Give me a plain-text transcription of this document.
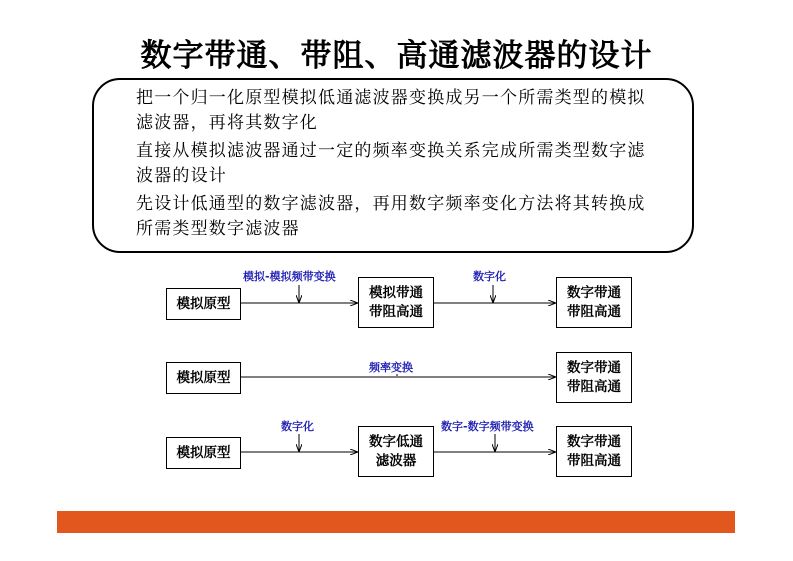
数字带通、带阻、高通滤波器的设计
把一个归一化原型模拟低通滤波器变换成另一个所需类型的模拟滤波器，再将其数字化
直接从模拟滤波器通过一定的频率变换关系完成所需类型数字滤波器的设计
先设计低通型的数字滤波器，再用数字频率变化方法将其转换成所需类型数字滤波器
模拟原型
模拟-模拟频带变换
模拟带通
带阻高通
数字化
数字带通
带阻高通
模拟原型
频率变换	数字带通
带阻高通
模拟原型
数字化
数字低通
滤波器
数字-数字频带变换
数字带通
带阻高通
